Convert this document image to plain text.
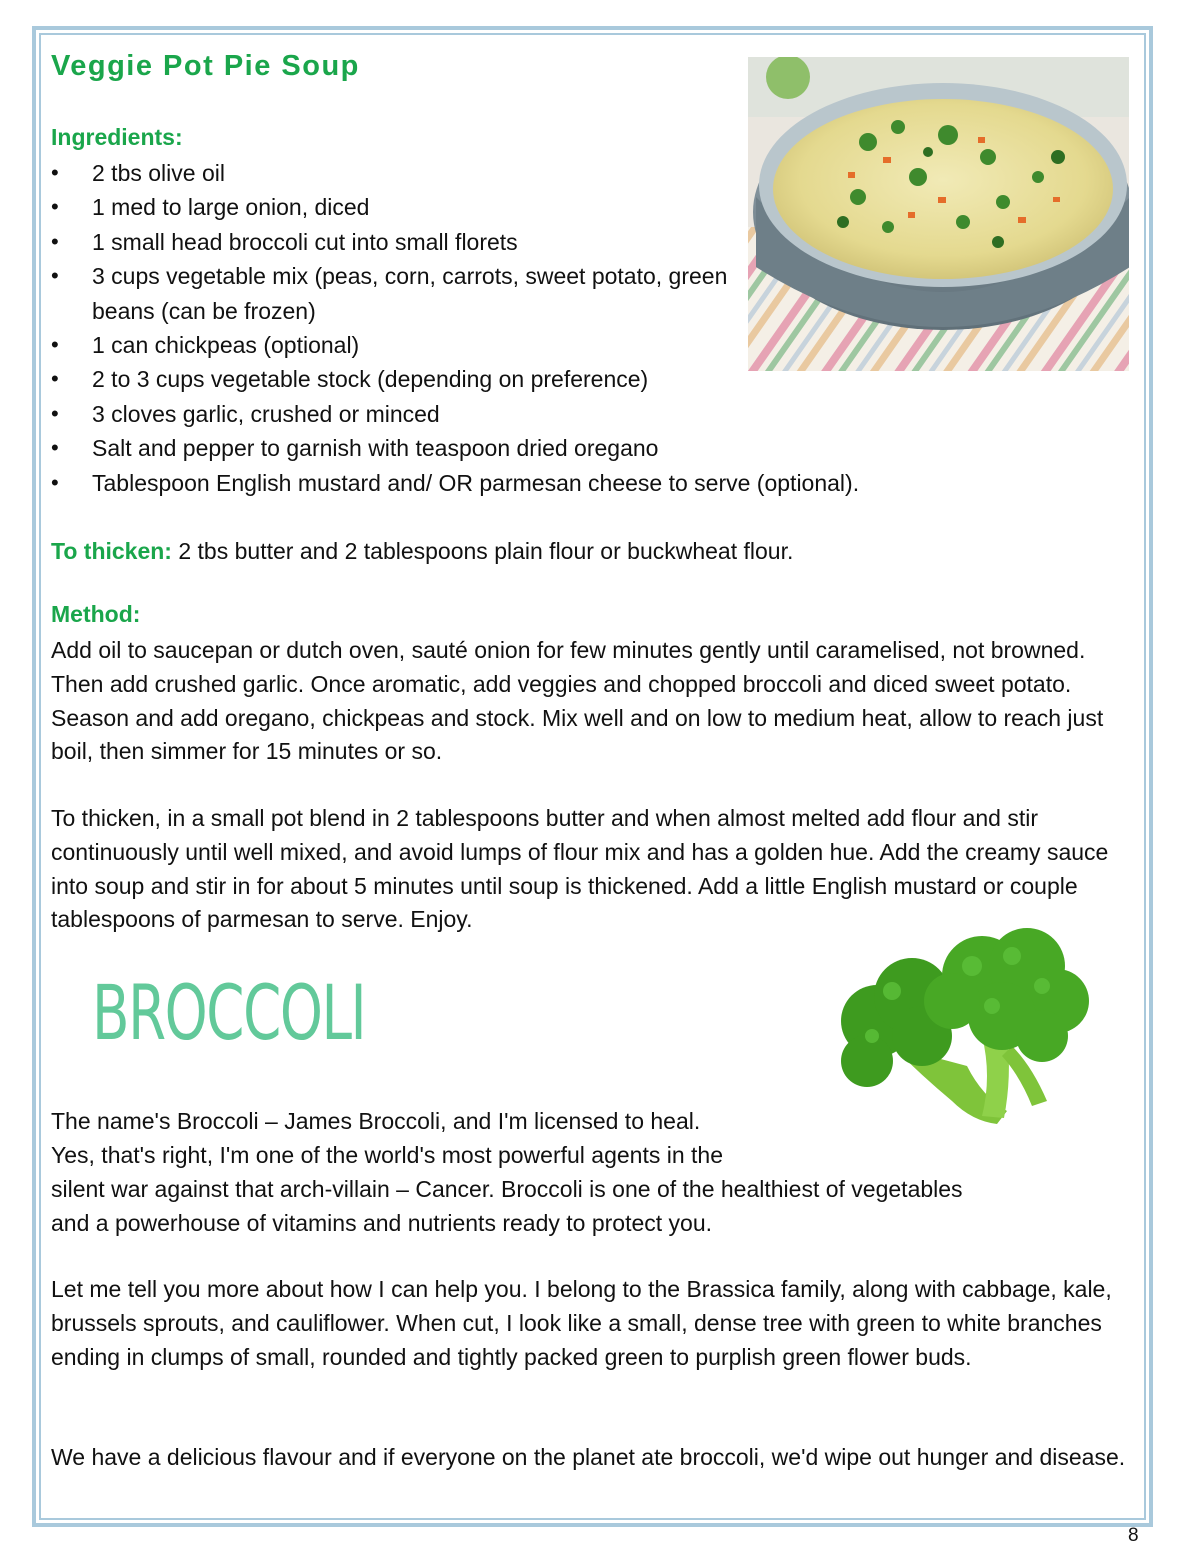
Veggie Pot Pie Soup
Ingredients:
• 2 tbs olive oil
• 1 med to large onion, diced
• 1 small head broccoli cut into small florets
• 3 cups vegetable mix (peas, corn, carrots, sweet potato, green beans (can be frozen)
• 1 can chickpeas (optional)
• 2 to 3 cups vegetable stock (depending on preference)
• 3 cloves garlic, crushed or minced
• Salt and pepper to garnish with teaspoon dried oregano
• Tablespoon English mustard and/ OR parmesan cheese to serve (optional).
To thicken: 2 tbs butter and 2 tablespoons plain flour or buckwheat flour.
Method:

Add oil to saucepan or dutch oven, sauté onion for few minutes gently until caramelised, not browned. Then add crushed garlic. Once aromatic, add veggies and chopped broccoli and diced sweet potato. Season and add oregano, chickpeas and stock. Mix well and on low to medium heat, allow to reach just boil, then simmer for 15 minutes or so.

To thicken, in a small pot blend in 2 tablespoons butter and when almost melted add flour and stir continuously until well mixed, and avoid lumps of flour mix and has a golden hue. Add the creamy sauce into soup and stir in for about 5 minutes until soup is thickened. Add a little English mustard or couple tablespoons of parmesan to serve. Enjoy.

BROCCOLI

The name's Broccoli – James Broccoli, and I'm licensed to heal.

Yes, that's right, I'm one of the world's most powerful agents in the

silent war against that arch-villain – Cancer. Broccoli is one of the healthiest of vegetables

and a powerhouse of vitamins and nutrients ready to protect you.

Let me tell you more about how I can help you. I belong to the Brassica family, along with cabbage, kale, brussels sprouts, and cauliflower. When cut, I look like a small, dense tree with green to white branches ending in clumps of small, rounded and tightly packed green to purplish green flower buds.

We have a delicious flavour and if everyone on the planet ate broccoli, we'd wipe out hunger and disease.

8
